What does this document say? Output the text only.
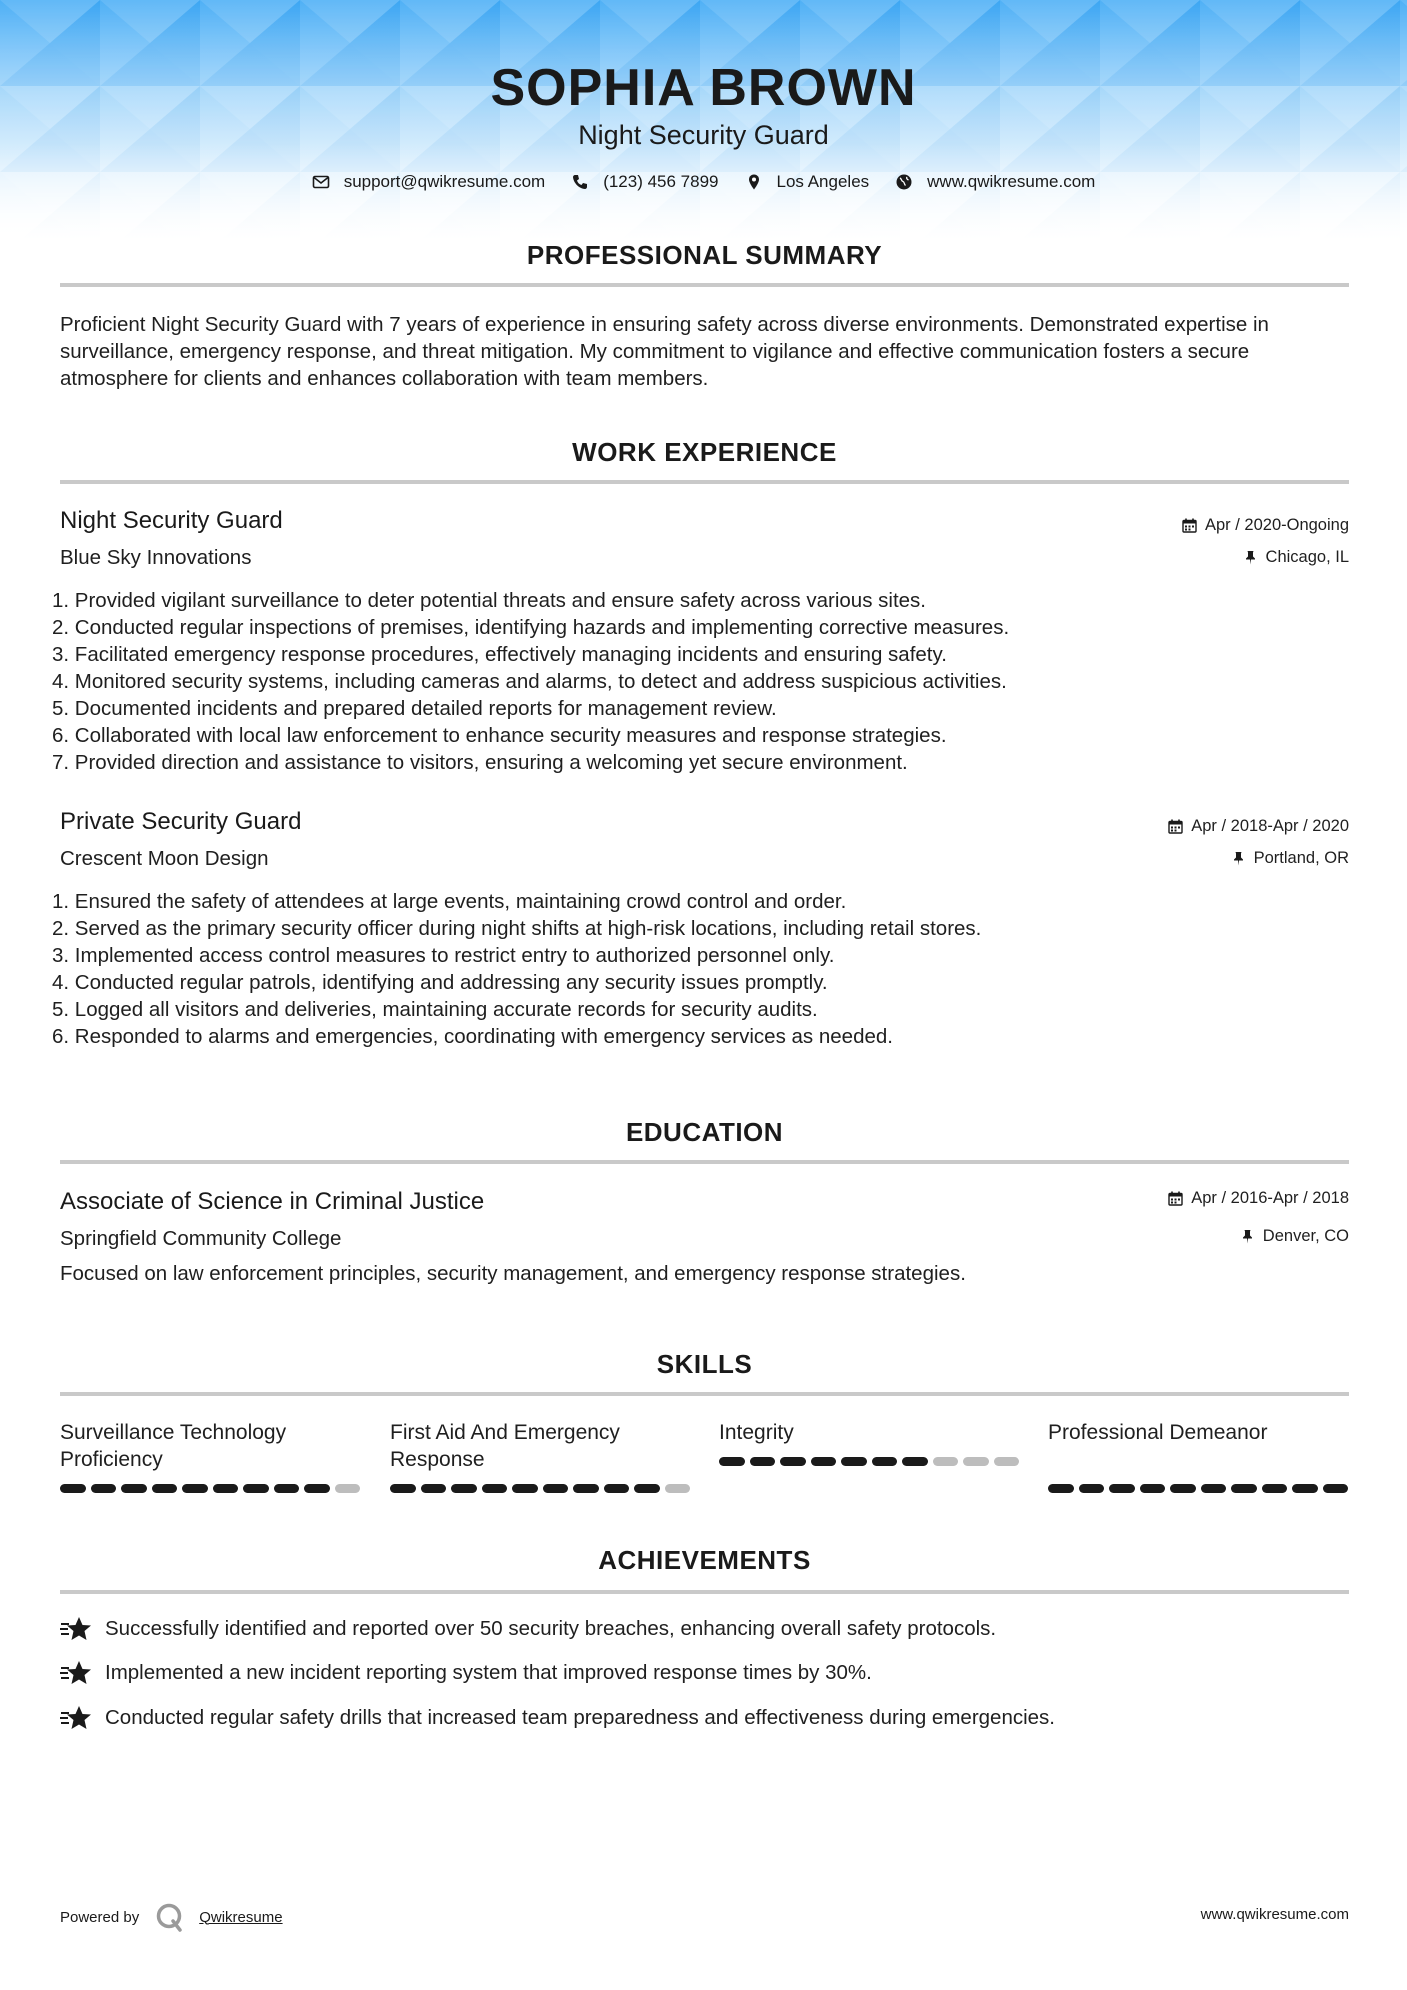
SOPHIA BROWN
Night Security Guard
support@qwikresume.com	(123) 456 7899	Los Angeles	www.qwikresume.com
PROFESSIONAL SUMMARY
Proficient Night Security Guard with 7 years of experience in ensuring safety across diverse environments. Demonstrated expertise in surveillance, emergency response, and threat mitigation. My commitment to vigilance and effective communication fosters a secure atmosphere for clients and enhances collaboration with team members.
WORK EXPERIENCE
Night Security Guard	Apr / 2020-Ongoing
Blue Sky Innovations	Chicago, IL
1. Provided vigilant surveillance to deter potential threats and ensure safety across various sites.
2. Conducted regular inspections of premises, identifying hazards and implementing corrective measures.
3. Facilitated emergency response procedures, effectively managing incidents and ensuring safety.
4. Monitored security systems, including cameras and alarms, to detect and address suspicious activities.
5. Documented incidents and prepared detailed reports for management review.
6. Collaborated with local law enforcement to enhance security measures and response strategies.
7. Provided direction and assistance to visitors, ensuring a welcoming yet secure environment.
Private Security Guard	Apr / 2018-Apr / 2020
Crescent Moon Design	Portland, OR
1. Ensured the safety of attendees at large events, maintaining crowd control and order.
2. Served as the primary security officer during night shifts at high-risk locations, including retail stores.
3. Implemented access control measures to restrict entry to authorized personnel only.
4. Conducted regular patrols, identifying and addressing any security issues promptly.
5. Logged all visitors and deliveries, maintaining accurate records for security audits.
6. Responded to alarms and emergencies, coordinating with emergency services as needed.
EDUCATION
Associate of Science in Criminal Justice	Apr / 2016-Apr / 2018
Springfield Community College	Denver, CO
Focused on law enforcement principles, security management, and emergency response strategies.
SKILLS
Surveillance Technology Proficiency
First Aid And Emergency Response
Integrity	Professional Demeanor
ACHIEVEMENTS
Successfully identified and reported over 50 security breaches, enhancing overall safety protocols.
Implemented a new incident reporting system that improved response times by 30%.
Conducted regular safety drills that increased team preparedness and effectiveness during emergencies.
Powered by	Qwikresume	www.qwikresume.com
